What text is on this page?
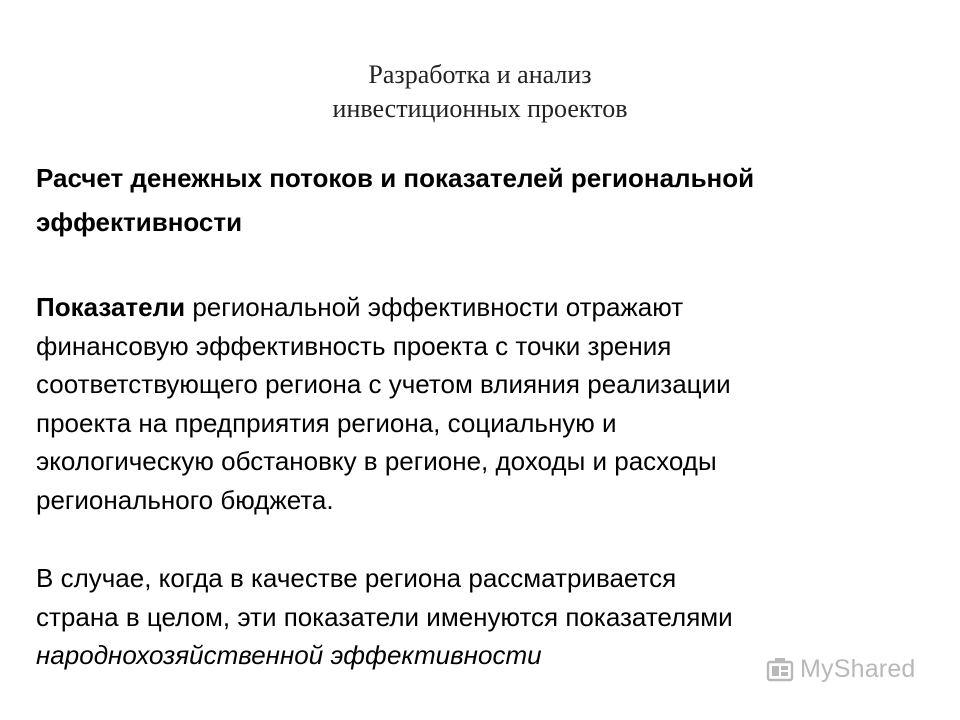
Разработка и анализ
инвестиционных проектов
Расчет денежных потоков и показателей региональной
эффективности
Показатели региональной эффективности отражают
финансовую эффективность проекта с точки зрения
соответствующего региона с учетом влияния реализации
проекта на предприятия региона, социальную и
экологическую обстановку в регионе, доходы и расходы
регионального бюджета.
В случае, когда в качестве региона рассматривается
страна в целом, эти показатели именуются показателями
народнохозяйственной эффективности	MyShared
